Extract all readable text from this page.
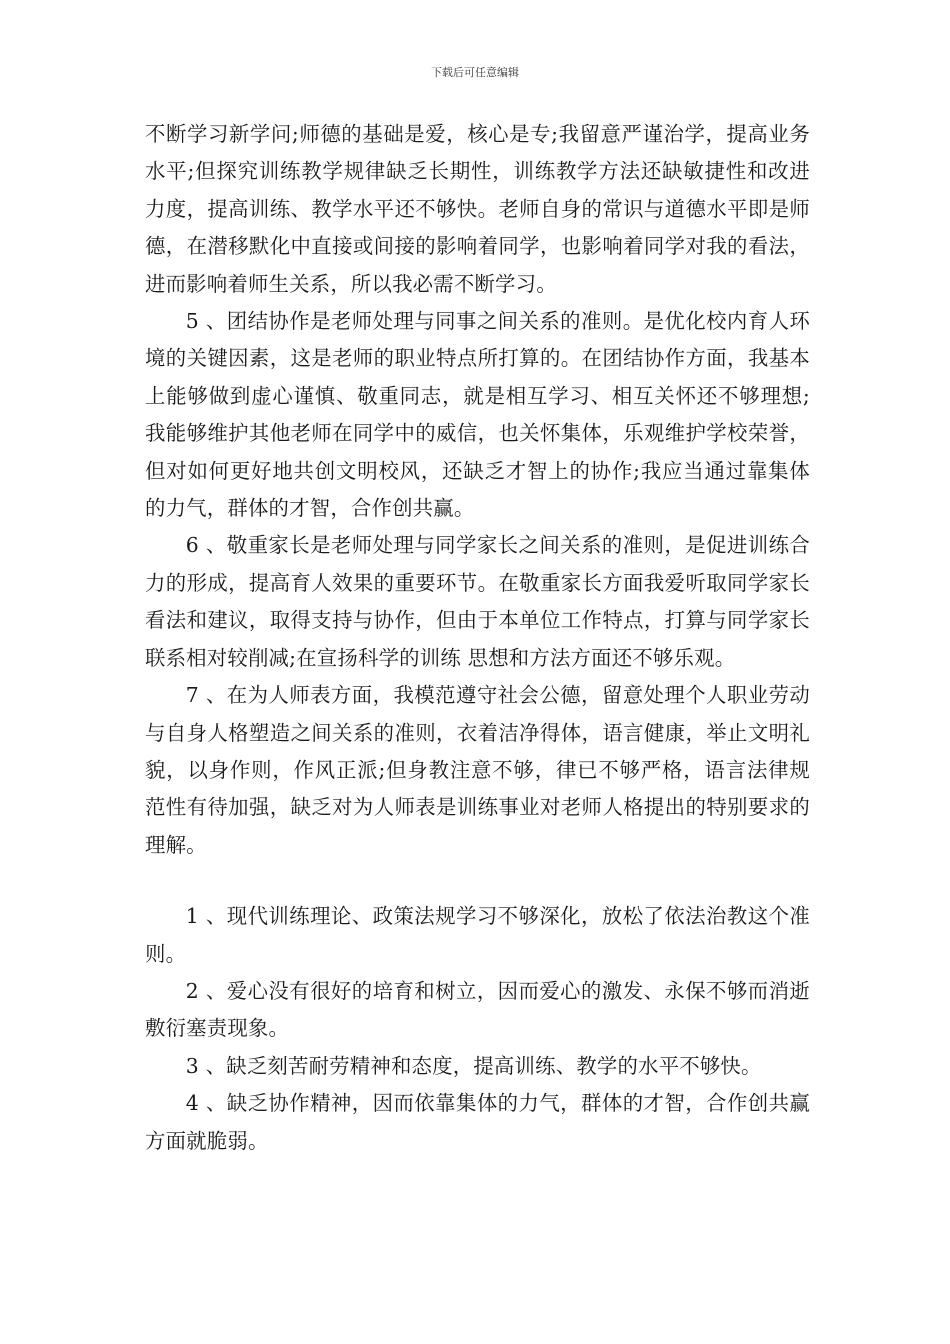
下载后可任意编辑

不断学习新学问;师德的基础是爱，核心是专;我留意严谨治学，提高业务水平;但探究训练教学规律缺乏长期性，训练教学方法还缺敏捷性和改进力度，提高训练、教学水平还不够快。老师自身的常识与道德水平即是师德，在潜移默化中直接或间接的影响着同学，也影响着同学对我的看法，进而影响着师生关系，所以我必需不断学习。

5 、团结协作是老师处理与同事之间关系的准则。是优化校内育人环境的关键因素，这是老师的职业特点所打算的。在团结协作方面，我基本上能够做到虚心谨慎、敬重同志，就是相互学习、相互关怀还不够理想;我能够维护其他老师在同学中的威信，也关怀集体，乐观维护学校荣誉，但对如何更好地共创文明校风，还缺乏才智上的协作;我应当通过靠集体的力气，群体的才智，合作创共赢。

6 、敬重家长是老师处理与同学家长之间关系的准则，是促进训练合力的形成，提高育人效果的重要环节。在敬重家长方面我爱听取同学家长看法和建议，取得支持与协作，但由于本单位工作特点，打算与同学家长联系相对较削减;在宣扬科学的训练 思想和方法方面还不够乐观。

7 、在为人师表方面，我模范遵守社会公德，留意处理个人职业劳动与自身人格塑造之间关系的准则，衣着洁净得体，语言健康，举止文明礼貌，以身作则，作风正派;但身教注意不够，律已不够严格，语言法律规范性有待加强，缺乏对为人师表是训练事业对老师人格提出的特别要求的理解。

1 、现代训练理论、政策法规学习不够深化，放松了依法治教这个准则。

2 、爱心没有很好的培育和树立，因而爱心的激发、永保不够而消逝敷衍塞责现象。

3 、缺乏刻苦耐劳精神和态度，提高训练、教学的水平不够快。

4 、缺乏协作精神，因而依靠集体的力气，群体的才智，合作创共赢方面就脆弱。
